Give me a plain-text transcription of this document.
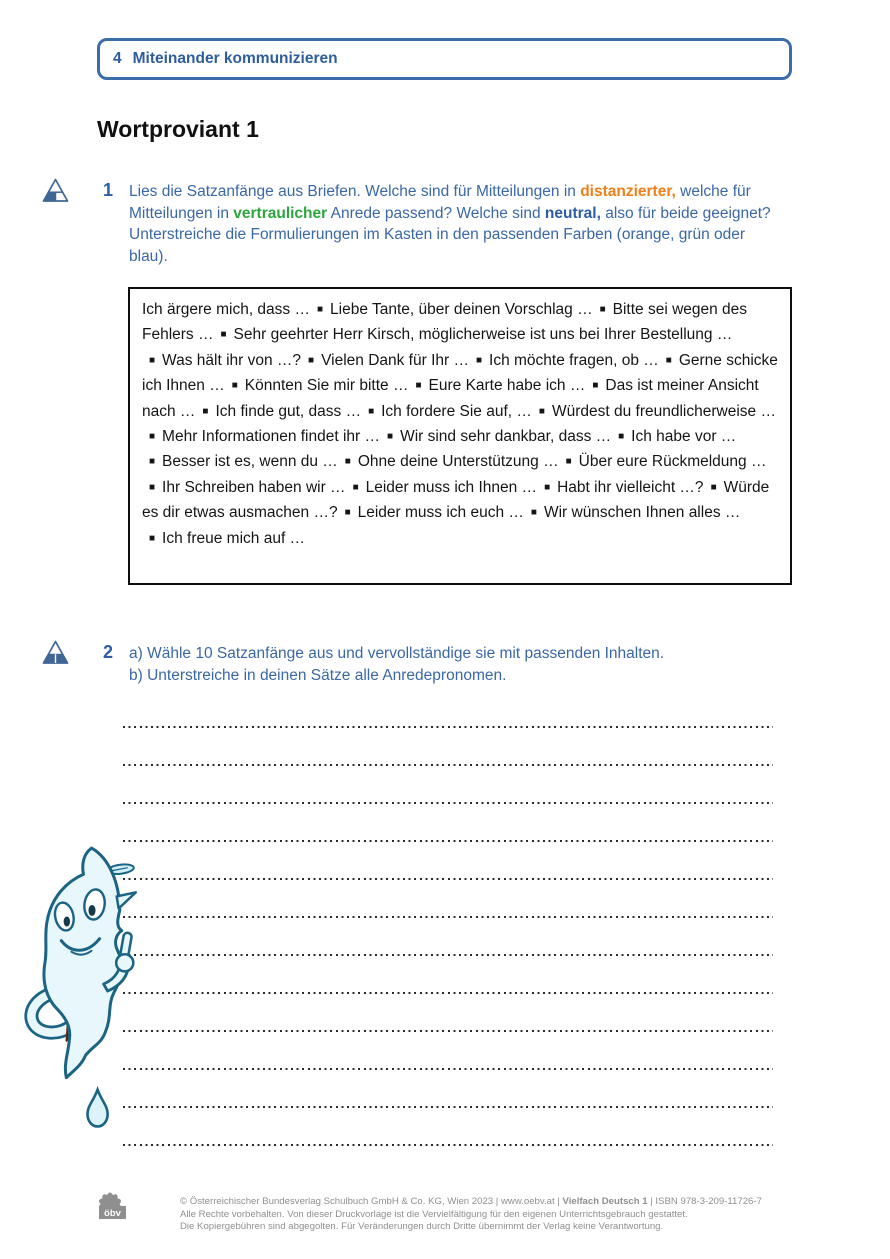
4 Miteinander kommunizieren
Wortproviant 1
1 Lies die Satzanfänge aus Briefen. Welche sind für Mitteilungen in distanzierter, welche für Mitteilungen in vertraulicher Anrede passend? Welche sind neutral, also für beide geeignet? Unterstreiche die Formulierungen im Kasten in den passenden Farben (orange, grün oder blau).

Ich ärgere mich, dass … ■ Liebe Tante, über deinen Vorschlag … ■ Bitte sei wegen des Fehlers … ■ Sehr geehrter Herr Kirsch, möglicherweise ist uns bei Ihrer Bestellung …■ Was hält ihr von …? ■ Vielen Dank für Ihr … ■ Ich möchte fragen, ob … ■ Gerne schicke ich Ihnen … ■ Könnten Sie mir bitte … ■ Eure Karte habe ich … ■ Das ist meiner Ansicht nach … ■ Ich finde gut, dass … ■ Ich fordere Sie auf, … ■ Würdest du freundlicherweise …■ Mehr Informationen findet ihr … ■ Wir sind sehr dankbar, dass … ■ Ich habe vor …■ Besser ist es, wenn du … ■ Ohne deine Unterstützung … ■ Über eure Rückmeldung …■ Ihr Schreiben haben wir … ■ Leider muss ich Ihnen … ■ Habt ihr vielleicht …? ■ Würde es dir etwas ausmachen …? ■ Leider muss ich euch … ■ Wir wünschen Ihnen alles …■ Ich freue mich auf …

2 a) Wähle 10 Satzanfänge aus und vervollständige sie mit passenden Inhalten.

b) Unterstreiche in deinen Sätze alle Anredepronomen.

öbv
© Österreichischer Bundesverlag Schulbuch GmbH & Co. KG, Wien 2023 | www.oebv.at | Vielfach Deutsch 1 | ISBN 978-3-209-11726-7
Alle Rechte vorbehalten. Von dieser Druckvorlage ist die Vervielfältigung für den eigenen Unterrichtsgebrauch gestattet.
Die Kopiergebühren sind abgegolten. Für Veränderungen durch Dritte übernimmt der Verlag keine Verantwortung.
